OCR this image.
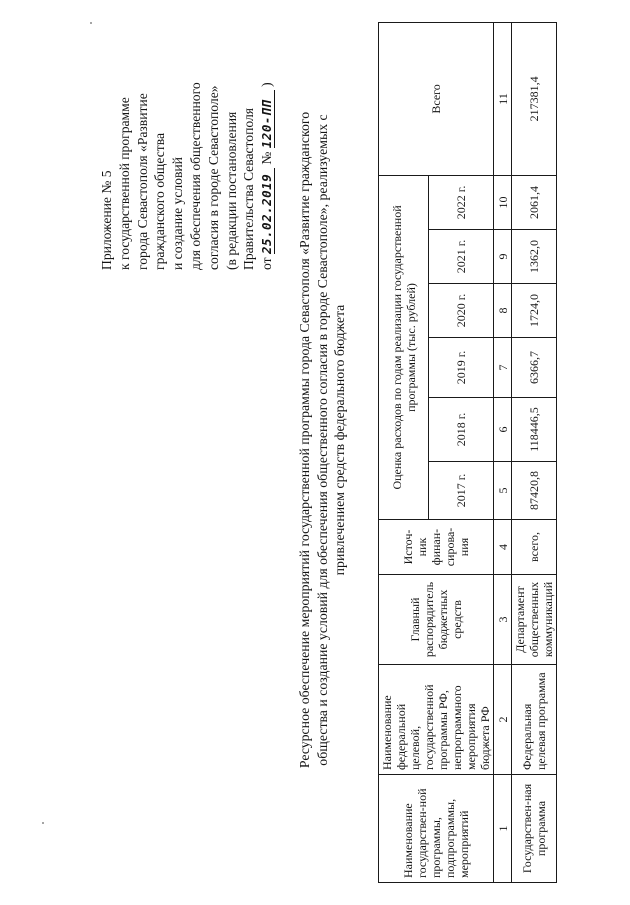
Приложение № 5 к государственной программе города Севастополя «Развитие гражданского общества и создание условий для обеспечения общественного согласия в городе Севастополе» (в редакции постановления Правительства Севастополя от 25.02.2019 № 120-ПП )
Ресурсное обеспечение мероприятий государственной программы города Севастополя «Развитие гражданского общества и создание условий для обеспечения общественного согласия в городе Севастополе», реализуемых с привлечением средств федерального бюджета
Наименование государствен-ной программы, подпрограммы, мероприятий	Наименование федеральной целевой, государственной программы РФ, непрограммного мероприятия бюджета РФ	Главный распорядитель бюджетных средств	Источ-ник финан-сирова-ния	Оценка расходов по годам реализации государственной программы (тыс. рублей)						Всего
				2017 г.	2018 г.	2019 г.	2020 г.	2021 г.	2022 г.	
1	2	3	4	5	6	7	8	9	10	11
Государствен-ная программа	Федеральная целевая программа	Департамент общественных коммуникаций	всего,	87420,8	118446,5	6366,7	1724,0	1362,0	2061,4	217381,4
